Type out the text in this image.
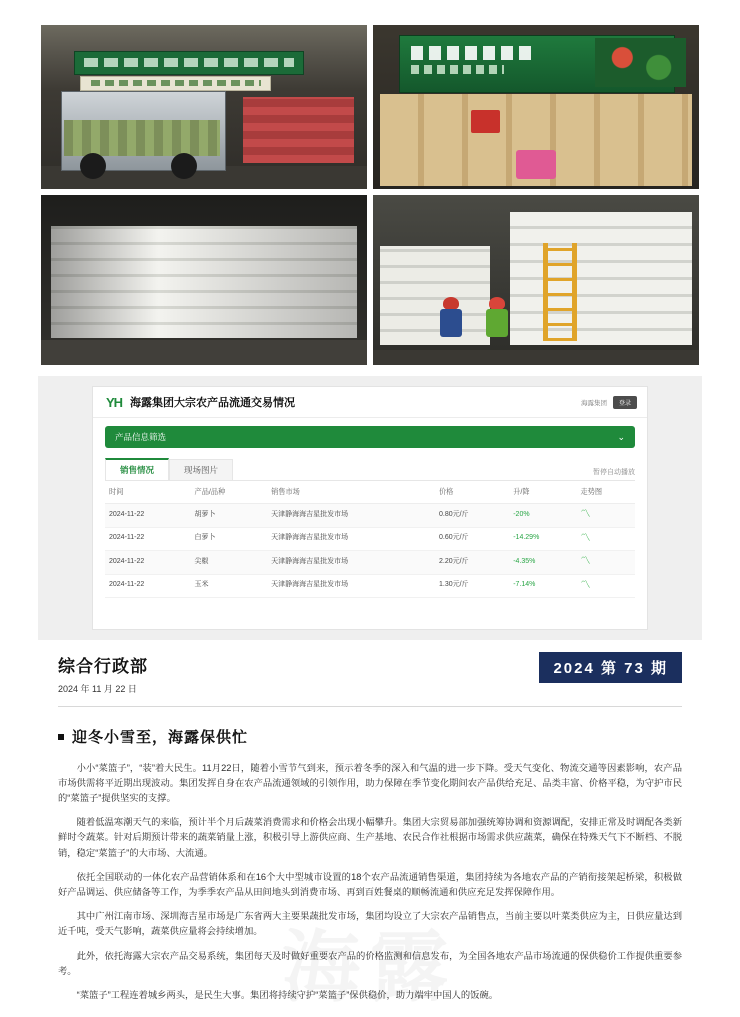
YH 海露集团大宗农产品流通交易情况	海露集团	登录
产品信息筛选	⌄
销售情况	现场图片	暂停自动播放
时间	产品/品种	销售市场	价格	升/降	走势图
2024-11-22	胡萝卜	天津静海海吉星批发市场	0.80元/斤	-20%	〽
2024-11-22	白萝卜	天津静海海吉星批发市场	0.60元/斤	-14.29%	〽
2024-11-22	尖椒	天津静海海吉星批发市场	2.20元/斤	-4.35%	〽
2024-11-22	玉米	天津静海海吉星批发市场	1.30元/斤	-7.14%	〽
综合行政部
2024 年 11 月 22 日
2024 第 73 期
迎冬小雪至，海露保供忙

小小“菜篮子”，“装”着大民生。11月22日，随着小雪节气到来，预示着冬季的深入和气温的进一步下降。受天气变化、物流交通等因素影响，农产品市场供需将平近期出现波动。集团发挥自身在农产品流通领域的引领作用，助力保障在季节变化期间农产品供给充足、品类丰富、价格平稳，为守护市民的“菜篮子”提供坚实的支撑。

随着低温寒潮天气的来临，预计半个月后蔬菜消费需求和价格会出现小幅攀升。集团大宗贸易部加强统筹协调和资源调配，安排正常及时调配各类新鲜时令蔬菜。针对后期预计带来的蔬菜销量上涨，积极引导上游供应商、生产基地、农民合作社根据市场需求供应蔬菜，确保在特殊天气下不断档、不脱销，稳定“菜篮子”的大市场、大流通。

依托全国联动的一体化农产品营销体系和在16个大中型城市设置的18个农产品流通销售渠道，集团持续为各地农产品的产销衔接架起桥梁，积极做好产品调运、供应储备等工作，为季季农产品从田间地头到消费市场、再到百姓餐桌的顺畅流通和供应充足发挥保障作用。

其中广州江南市场、深圳海吉星市场是广东省两大主要果蔬批发市场，集团均设立了大宗农产品销售点，当前主要以叶菜类供应为主，日供应量达到近千吨，受天气影响，蔬菜供应量将会持续增加。

此外，依托海露大宗农产品交易系统，集团每天及时做好重要农产品的价格监测和信息发布，为全国各地农产品市场流通的保供稳价工作提供重要参考。

“菜篮子”工程连着城乡两头，是民生大事。集团将持续守护“菜篮子”保供稳价，助力端牢中国人的饭碗。
